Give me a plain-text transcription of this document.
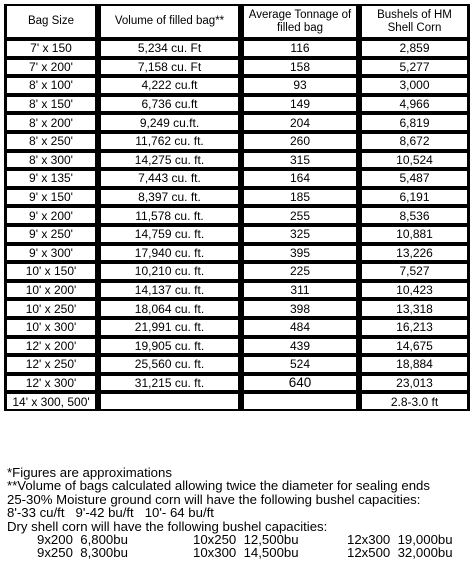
Bag Size	Volume of filled bag**	Average Tonnage of filled bag	Bushels of HM Shell Corn

7' x 150	5,234 cu. Ft	116	2,859

7' x 200'	7,158 cu. Ft	158	5,277

8' x 100'	4,222 cu.ft	93	3,000

8' x 150'	6,736 cu.ft	149	4,966

8' x 200'	9,249 cu.ft.	204	6,819

8' x 250'	11,762 cu. ft.	260	8,672

8' x 300'	14,275 cu. ft.	315	10,524

9' x 135'	7,443 cu. ft.	164	5,487

9' x 150'	8,397 cu. ft.	185	6,191

9' x 200'	11,578 cu. ft.	255	8,536

9' x 250'	14,759 cu. ft.	325	10,881

9' x 300'	17,940 cu. ft.	395	13,226

10' x 150'	10,210 cu. ft.	225	7,527

10' x 200'	14,137 cu. ft.	311	10,423

10' x 250'	18,064 cu. ft.	398	13,318

10' x 300'	21,991 cu. ft.	484	16,213

12' x 200'	19,905 cu. ft.	439	14,675

12' x 250'	25,560 cu. ft.	524	18,884

12' x 300'	31,215 cu. ft.	640	23,013

14' x 300, 500'			2.8-3.0 ft
*Figures are approximations
**Volume of bags calculated allowing twice the diameter for sealing ends
25-30% Moisture ground corn will have the following bushel capacities:
8'-33 cu/ft   9'-42 bu/ft   10'- 64 bu/ft
Dry shell corn will have the following bushel capacities:
9x200  6,800bu	10x250  12,500bu	12x300  19,000bu
9x250  8,300bu	10x300  14,500bu	12x500  32,000bu
